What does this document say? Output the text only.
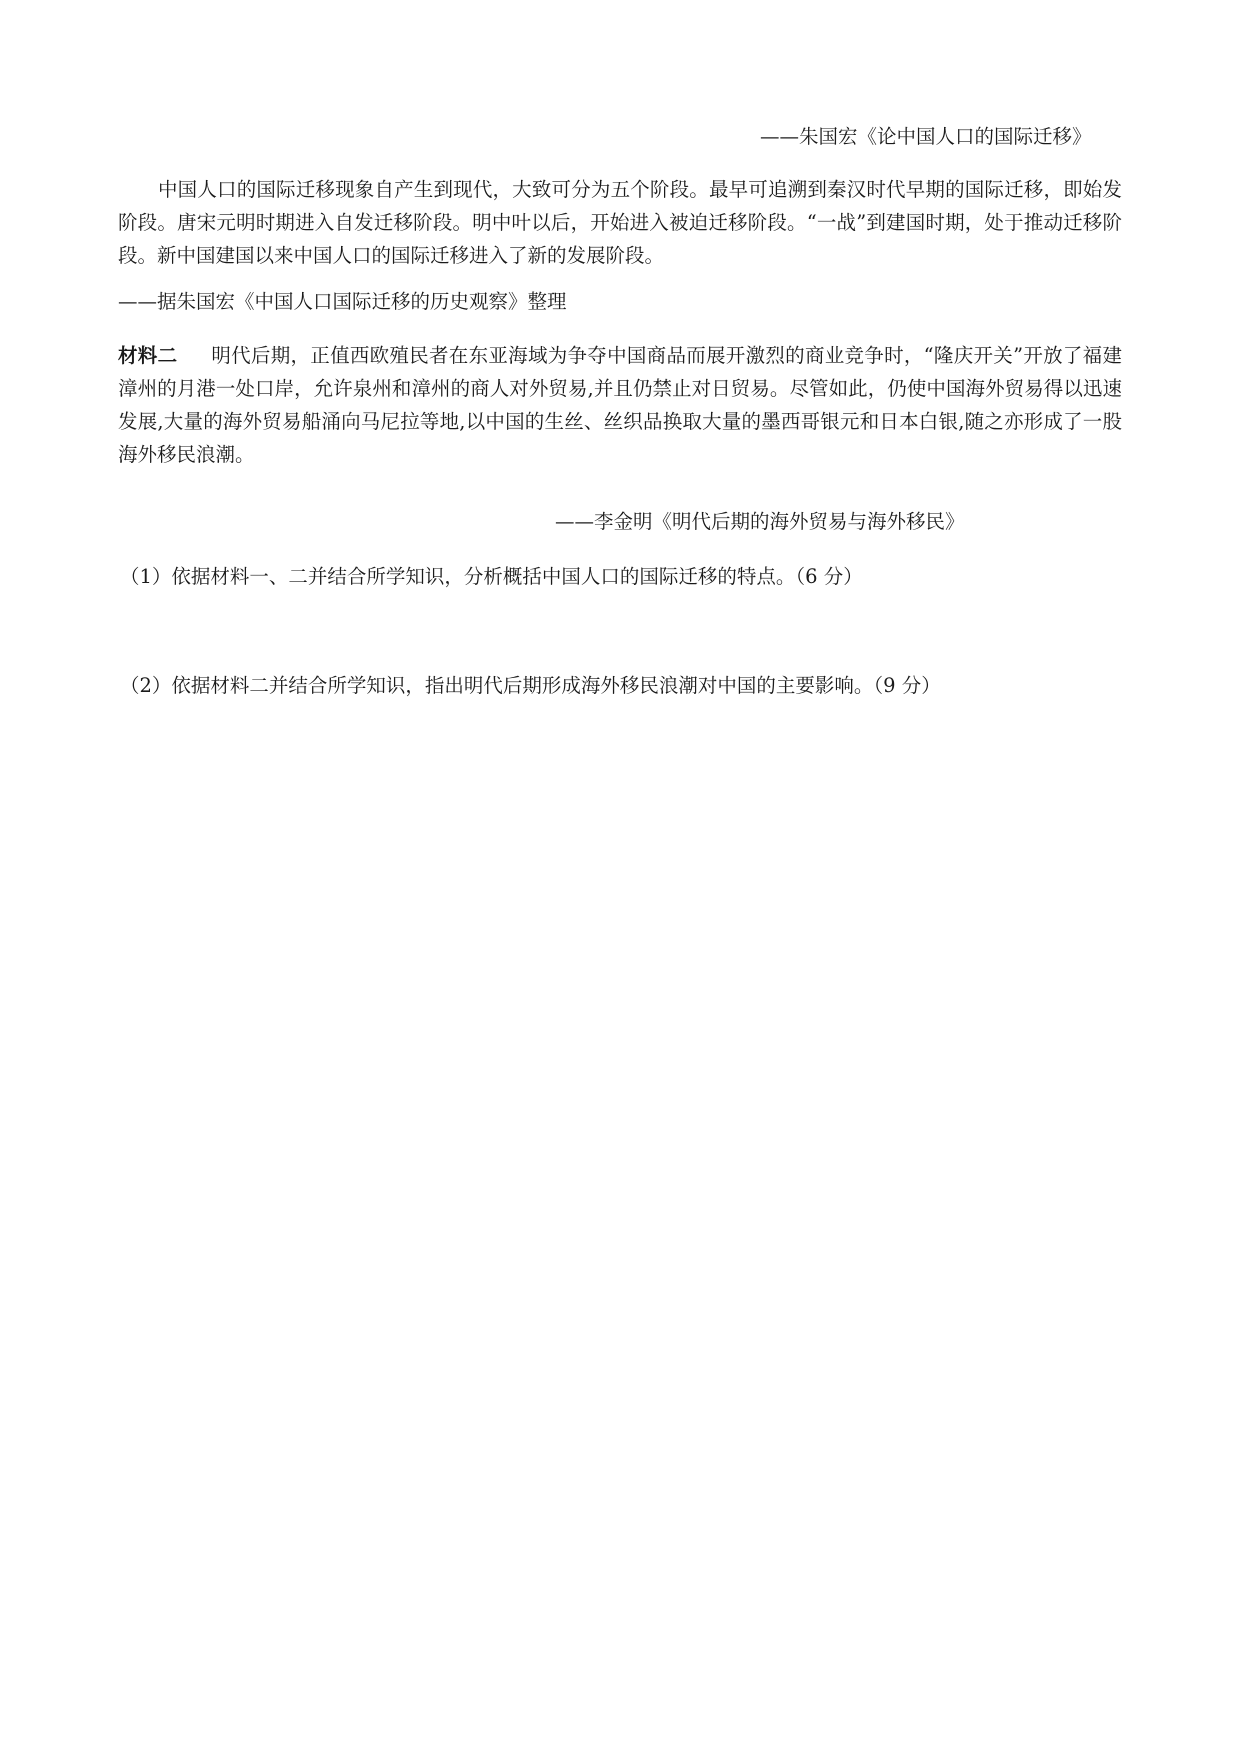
——朱国宏《论中国人口的国际迁移》
中国人口的国际迁移现象自产生到现代，大致可分为五个阶段。最早可追溯到秦汉时代早期的国际迁移，即始发阶段。唐宋元明时期进入自发迁移阶段。明中叶以后，开始进入被迫迁移阶段。“一战”到建国时期，处于推动迁移阶段。新中国建国以来中国人口的国际迁移进入了新的发展阶段。
——据朱国宏《中国人口国际迁移的历史观察》整理
材料二 明代后期，正值西欧殖民者在东亚海域为争夺中国商品而展开激烈的商业竞争时，“隆庆开关”开放了福建漳州的月港一处口岸，允许泉州和漳州的商人对外贸易,并且仍禁止对日贸易。尽管如此，仍使中国海外贸易得以迅速发展,大量的海外贸易船涌向马尼拉等地,以中国的生丝、丝织品换取大量的墨西哥银元和日本白银,随之亦形成了一股海外移民浪潮。
——李金明《明代后期的海外贸易与海外移民》
（1）依据材料一、二并结合所学知识，分析概括中国人口的国际迁移的特点。（6 分）
（2）依据材料二并结合所学知识，指出明代后期形成海外移民浪潮对中国的主要影响。（9 分）
